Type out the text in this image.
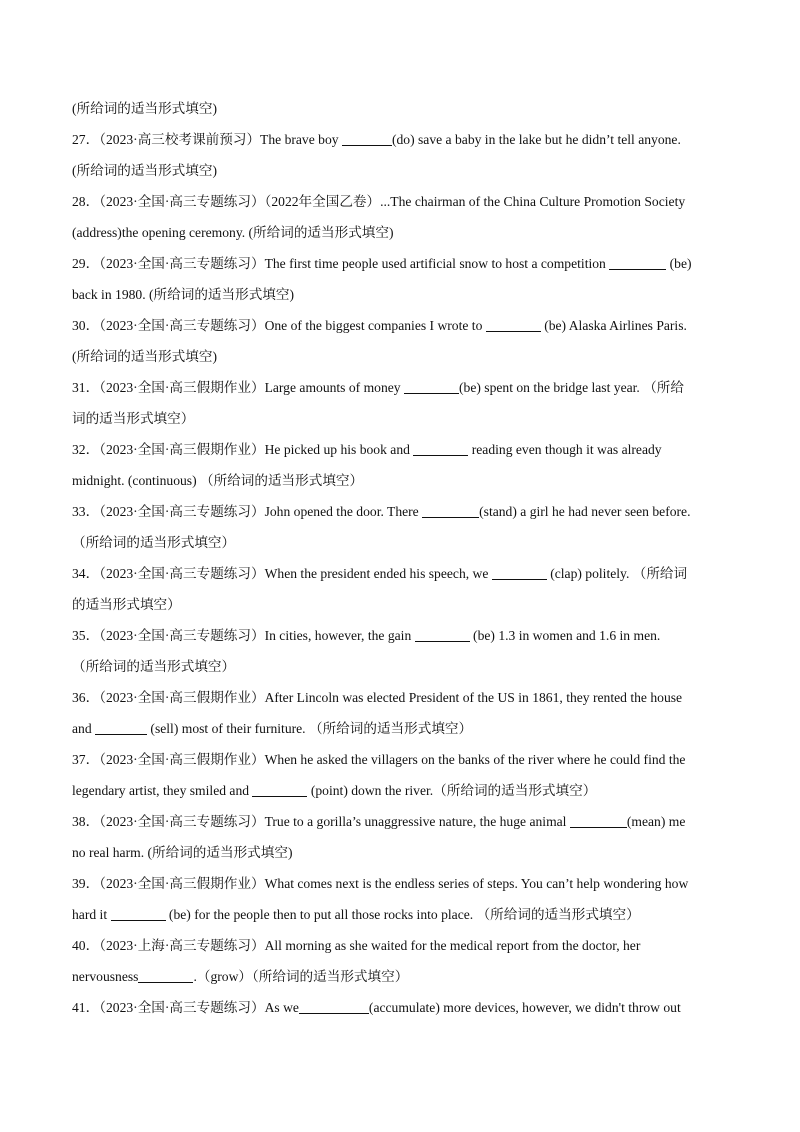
(所给词的适当形式填空)
27．（2023·高三校考课前预习）The brave boy	(do) save a baby in the lake but he didn’t tell anyone.
(所给词的适当形式填空)
28．（2023·全国·高三专题练习）（2022年全国乙卷）...The chairman of the China Culture Promotion Society
(address)the opening ceremony. (所给词的适当形式填空)
29．（2023·全国·高三专题练习）The first time people used artificial snow to host a competition	(be)
back in 1980. (所给词的适当形式填空)
30．（2023·全国·高三专题练习）One of the biggest companies I wrote to	(be) Alaska Airlines Paris.
(所给词的适当形式填空)
31．（2023·全国·高三假期作业）Large amounts of money	(be) spent on the bridge last year. （所给
词的适当形式填空）
32．（2023·全国·高三假期作业）He picked up his book and	reading even though it was already
midnight. (continuous) （所给词的适当形式填空）
33．（2023·全国·高三专题练习）John opened the door. There	(stand) a girl he had never seen before.
（所给词的适当形式填空）
34．（2023·全国·高三专题练习）When the president ended his speech, we	(clap) politely. （所给词
的适当形式填空）
35．（2023·全国·高三专题练习）In cities, however, the gain	(be) 1.3 in women and 1.6 in men.
（所给词的适当形式填空）
36．（2023·全国·高三假期作业）After Lincoln was elected President of the US in 1861, they rented the house
and	(sell) most of their furniture. （所给词的适当形式填空）
37．（2023·全国·高三假期作业）When he asked the villagers on the banks of the river where he could find the
legendary artist, they smiled and	(point) down the river.（所给词的适当形式填空）
38．（2023·全国·高三专题练习）True to a gorilla’s unaggressive nature, the huge animal	(mean) me
no real harm. (所给词的适当形式填空)
39．（2023·全国·高三假期作业）What comes next is the endless series of steps. You can’t help wondering how
hard it	(be) for the people then to put all those rocks into place. （所给词的适当形式填空）
40．（2023·上海·高三专题练习）All morning as she waited for the medical report from the doctor, her
nervousness	.（grow）（所给词的适当形式填空）
41．（2023·全国·高三专题练习）As we	(accumulate) more devices, however, we didn't throw out
